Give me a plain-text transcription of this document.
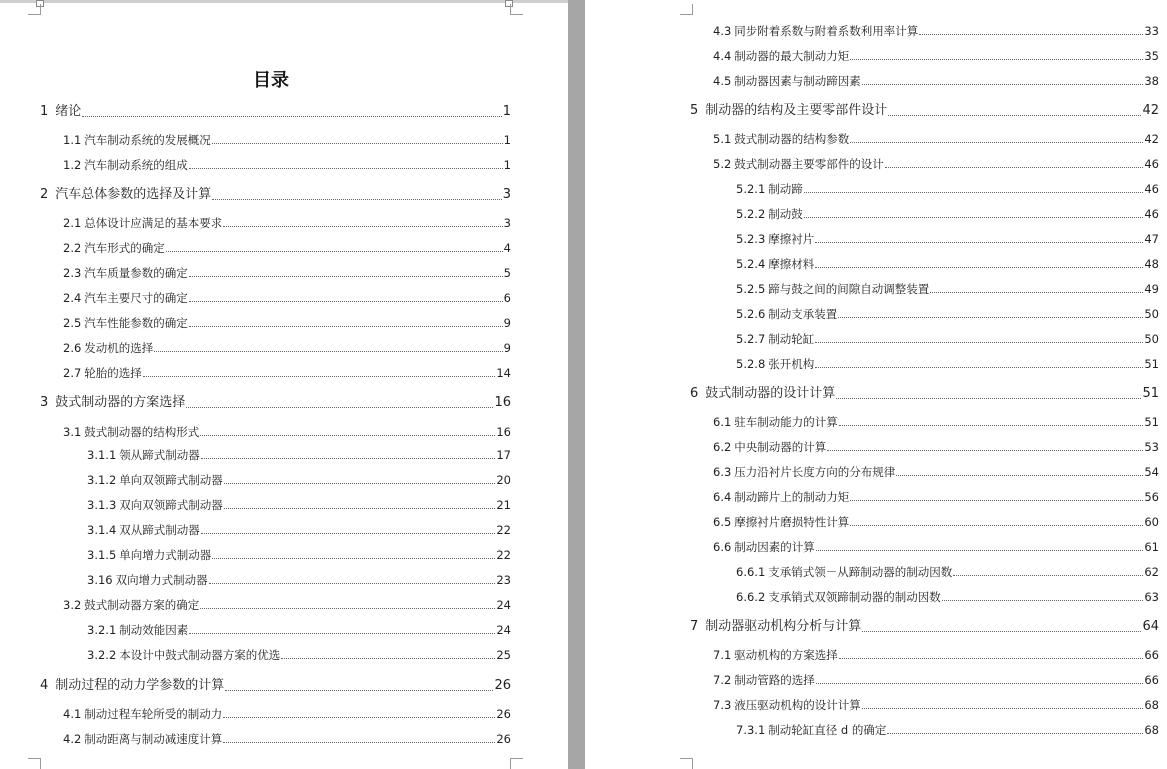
目录
1 绪论	1
1.1 汽车制动系统的发展概况	1
1.2 汽车制动系统的组成	1
2 汽车总体参数的选择及计算	3
2.1 总体设计应满足的基本要求	3
2.2 汽车形式的确定	4
2.3 汽车质量参数的确定	5
2.4 汽车主要尺寸的确定	6
2.5 汽车性能参数的确定	9
2.6 发动机的选择	9
2.7 轮胎的选择	14
3 鼓式制动器的方案选择	16
3.1 鼓式制动器的结构形式	16
3.1.1 领从蹄式制动器	17
3.1.2 单向双领蹄式制动器	20
3.1.3 双向双领蹄式制动器	21
3.1.4 双从蹄式制动器	22
3.1.5 单向增力式制动器	22
3.16 双向增力式制动器	23
3.2 鼓式制动器方案的确定	24
3.2.1 制动效能因素	24
3.2.2 本设计中鼓式制动器方案的优选	25
4 制动过程的动力学参数的计算	26
4.1 制动过程车轮所受的制动力	26
4.2 制动距离与制动减速度计算	26
4.3 同步附着系数与附着系数利用率计算	33
4.4 制动器的最大制动力矩	35
4.5 制动器因素与制动蹄因素	38
5 制动器的结构及主要零部件设计	42
5.1 鼓式制动器的结构参数	42
5.2 鼓式制动器主要零部件的设计	46
5.2.1 制动蹄	46
5.2.2 制动鼓	46
5.2.3 摩擦衬片	47
5.2.4 摩擦材料	48
5.2.5 蹄与鼓之间的间隙自动调整装置	49
5.2.6 制动支承装置	50
5.2.7 制动轮缸	50
5.2.8 张开机构	51
6 鼓式制动器的设计计算	51
6.1 驻车制动能力的计算	51
6.2 中央制动器的计算	53
6.3 压力沿衬片长度方向的分布规律	54
6.4 制动蹄片上的制动力矩	56
6.5 摩擦衬片磨损特性计算	60
6.6 制动因素的计算	61
6.6.1 支承销式领－从蹄制动器的制动因数	62
6.6.2 支承销式双领蹄制动器的制动因数	63
7 制动器驱动机构分析与计算	64
7.1 驱动机构的方案选择	66
7.2 制动管路的选择	66
7.3 液压驱动机构的设计计算	68
7.3.1 制动轮缸直径 d 的确定	68
